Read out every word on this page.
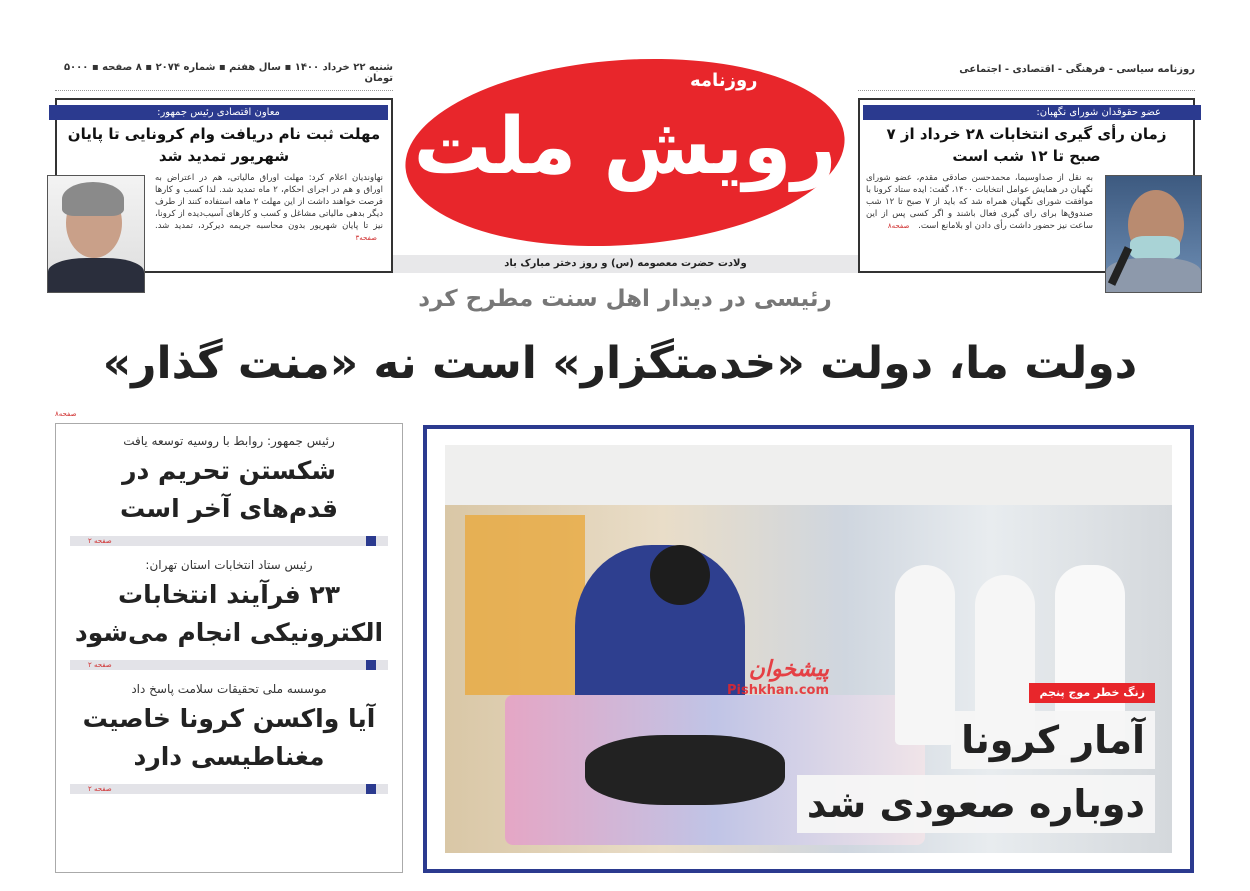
شنبه ۲۲ خرداد ۱۴۰۰ ▪ سال هفتم ▪ شماره ۲۰۷۴ ▪ ۸ صفحه ▪ ۵۰۰۰ تومان
روزنامه سیاسی - فرهنگی - اقتصادی - اجتماعی
رویش ملت
روزنامه
ولادت حضرت معصومه (س) و روز دختر مبارک باد
معاون اقتصادی رئیس جمهور:
مهلت ثبت نام دریافت وام کرونایی تا پایان شهریور تمدید شد
نهاوندیان اعلام کرد: مهلت اوراق مالیاتی، هم در اعتراض به اوراق و هم در اجرای احکام، ۲ ماه تمدید شد. لذا کسب و کارها فرصت خواهند داشت از این مهلت ۲ ماهه استفاده کنند از طرف دیگر بدهی مالیاتی مشاغل و کسب و کارهای آسیب‌دیده از کرونا، نیز تا پایان شهریور بدون محاسبه جریمه دیرکرد، تمدید شد. صفحه۳
عضو حقوقدان شورای نگهبان:
زمان رأی گیری انتخابات ۲۸ خرداد از ۷ صبح تا ۱۲ شب است
به نقل از صداوسیما، محمدحسن صادقی مقدم، عضو شورای نگهبان در همایش عوامل انتخابات ۱۴۰۰، گفت: ایده ستاد کرونا با موافقت شورای نگهبان همراه شد که باید از ۷ صبح تا ۱۲ شب صندوق‌ها برای رای گیری فعال باشند و اگر کسی پس از این ساعت نیز حضور داشت رأی دادن او بلامانع است. صفحه۸
رئیسی در دیدار اهل سنت مطرح کرد
دولت ما، دولت «خدمتگزار» است نه «منت گذار»
صفحه۸
رئیس جمهور: روابط با روسیه توسعه یافت
شکستن تحریم در قدم‌های آخر است
صفحه ۲
رئیس ستاد انتخابات استان تهران:
۲۳ فرآیند انتخابات الکترونیکی انجام می‌شود
صفحه ۲
موسسه ملی تحقیقات سلامت پاسخ داد
آیا واکسن کرونا خاصیت مغناطیسی دارد
صفحه ۲
زنگ خطر موج پنجم
آمار کرونا
دوباره صعودی شد
پیشخوان
Pishkhan.com
